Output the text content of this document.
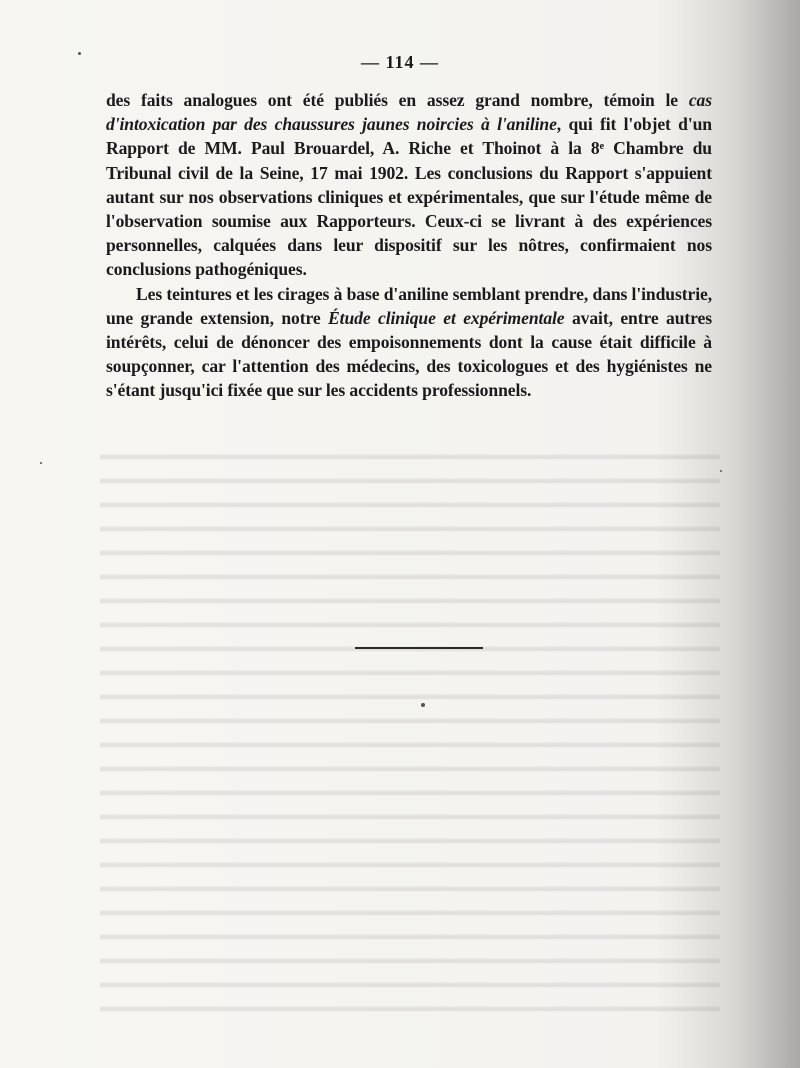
— 114 —

des faits analogues ont été publiés en assez grand nombre, témoin le cas d'intoxication par des chaussures jaunes noircies à l'aniline, qui fit l'objet d'un Rapport de MM. Paul Brouardel, A. Riche et Thoinot à la 8ᵉ Chambre du Tribunal civil de la Seine, 17 mai 1902. Les conclusions du Rapport s'appuient autant sur nos observations cliniques et expérimentales, que sur l'étude même de l'observation soumise aux Rapporteurs. Ceux-ci se livrant à des expériences personnelles, calquées dans leur dispositif sur les nôtres, confirmaient nos conclusions pathogéniques.

Les teintures et les cirages à base d'aniline semblant prendre, dans l'industrie, une grande extension, notre Étude clinique et expérimentale avait, entre autres intérêts, celui de dénoncer des empoisonnements dont la cause était difficile à soupçonner, car l'attention des médecins, des toxicologues et des hygiénistes ne s'étant jusqu'ici fixée que sur les accidents professionnels.
